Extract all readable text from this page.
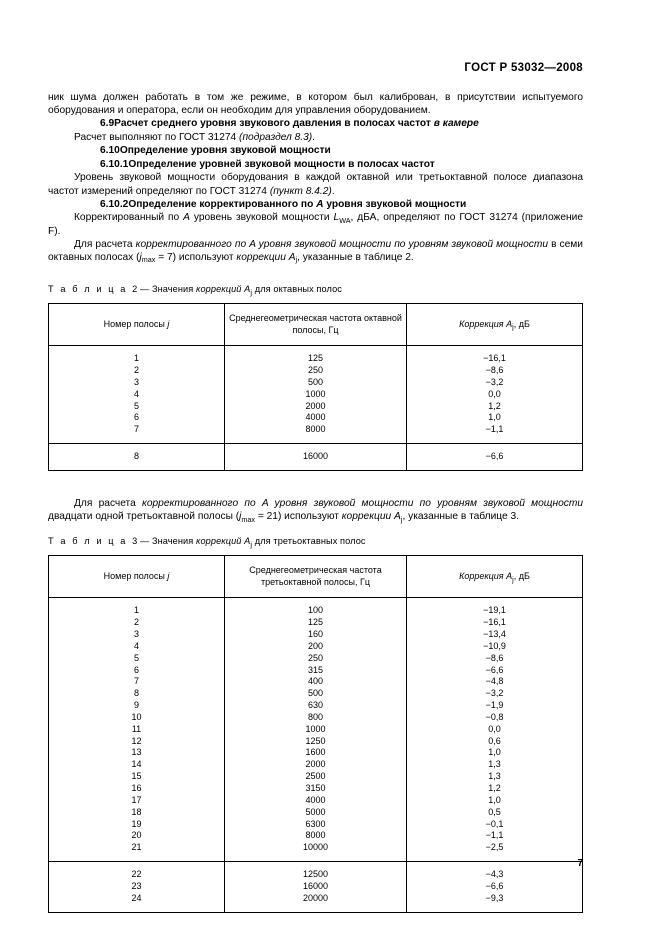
ГОСТ Р 53032—2008

ник шума должен работать в том же режиме, в котором был калиброван, в присутствии испытуемого оборудования и оператора, если он необходим для управления оборудованием.

6.9Расчет среднего уровня звукового давления в полосах частот в камере

Расчет выполняют по ГОСТ 31274 (подраздел 8.3).

6.10Определение уровня звуковой мощности

6.10.1Определение уровней звуковой мощности в полосах частот

Уровень звуковой мощности оборудования в каждой октавной или третьоктавной полосе диапазона частот измерений определяют по ГОСТ 31274 (пункт 8.4.2).

6.10.2Определение корректированного по A уровня звуковой мощности

Корректированный по A уровень звуковой мощности $L_{WA}$, дБА, определяют по ГОСТ 31274 (приложение F).

Для расчета корректированного по A уровня звуковой мощности по уровням звуковой мощности в семи октавных полосах $(j_{max} = 7)$ используют коррекции $A_j$, указанные в таблице 2.

Т а б л и ц а 2 — Значения коррекций $A_j$ для октавных полос

Номер полосы j	Среднегеометрическая частота октавной полосы, Гц	Коррекция $A_j$, дБ
1	125	−16,1
2	250	−8,6
3	500	−3,2
4	1000	0,0
5	2000	1,2
6	4000	1,0
7	8000	−1,1
8	16000	−6,6

Для расчета корректированного по A уровня звуковой мощности по уровням звуковой мощности двадцати одной третьоктавной полосы $(j_{max} = 21)$ используют коррекции $A_j$, указанные в таблице 3.

Т а б л и ц а 3 — Значения коррекций $A_j$ для третьоктавных полос

Номер полосы j	Среднегеометрическая частота третьоктавной полосы, Гц	Коррекция $A_j$, дБ
1	100	−19,1
2	125	−16,1
3	160	−13,4
4	200	−10,9
5	250	−8,6
6	315	−6,6
7	400	−4,8
8	500	−3,2
9	630	−1,9
10	800	−0,8
11	1000	0,0
12	1250	0,6
13	1600	1,0
14	2000	1,3
15	2500	1,3
16	3150	1,2
17	4000	1,0
18	5000	0,5
19	6300	−0,1
20	8000	−1,1
21	10000	−2,5
22	12500	−4,3
23	16000	−6,6
24	20000	−9,3
7
